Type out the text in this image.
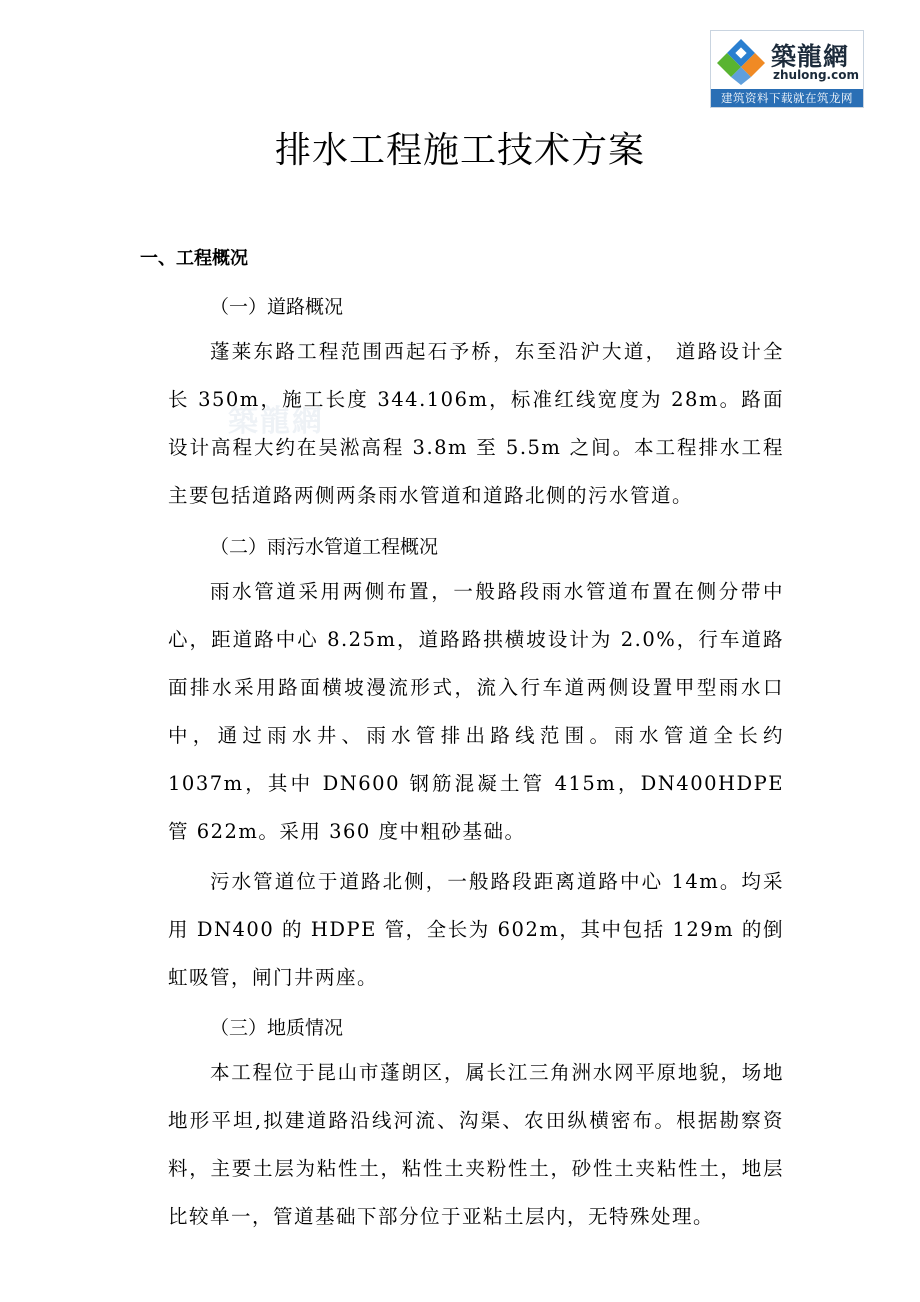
築龍網
zhulong.com
建筑资料下载就在筑龙网
築龍網
排水工程施工技术方案
一、工程概况
（一）道路概况

蓬莱东路工程范围西起石予桥，东至沿沪大道， 道路设计全长 350m，施工长度 344.106m，标准红线宽度为 28m。路面设计高程大约在吴淞高程 3.8m 至 5.5m 之间。本工程排水工程主要包括道路两侧两条雨水管道和道路北侧的污水管道。

（二）雨污水管道工程概况

雨水管道采用两侧布置，一般路段雨水管道布置在侧分带中心，距道路中心 8.25m，道路路拱横坡设计为 2.0%，行车道路面排水采用路面横坡漫流形式，流入行车道两侧设置甲型雨水口中，通过雨水井、雨水管排出路线范围。雨水管道全长约 1037m，其中 DN600 钢筋混凝土管 415m，DN400HDPE 管 622m。采用 360 度中粗砂基础。

污水管道位于道路北侧，一般路段距离道路中心 14m。均采用 DN400 的 HDPE 管，全长为 602m，其中包括 129m 的倒虹吸管，闸门井两座。

（三）地质情况

本工程位于昆山市蓬朗区，属长江三角洲水网平原地貌，场地地形平坦,拟建道路沿线河流、沟渠、农田纵横密布。根据勘察资料，主要土层为粘性土，粘性土夹粉性土，砂性土夹粘性土，地层比较单一，管道基础下部分位于亚粘土层内，无特殊处理。
